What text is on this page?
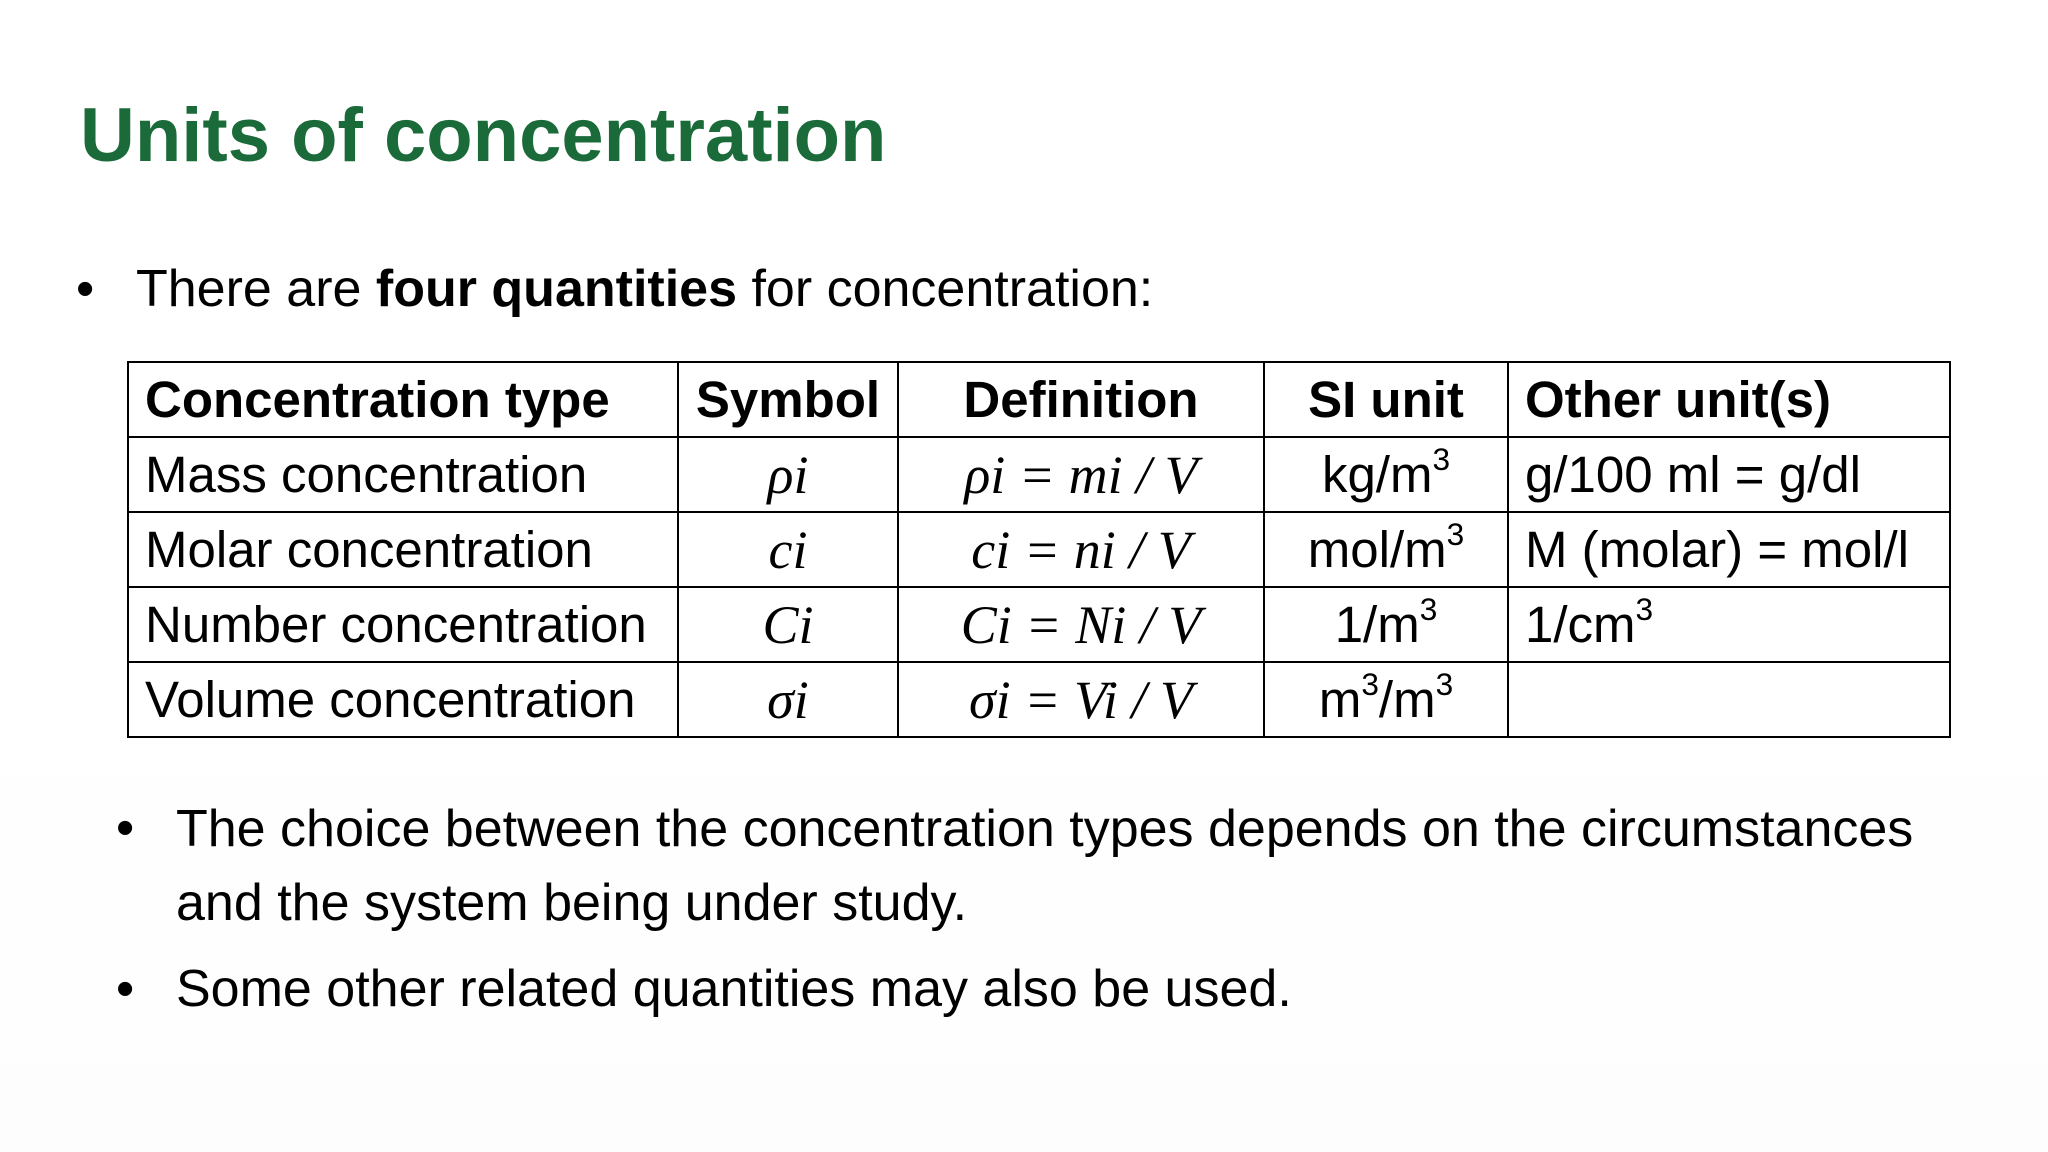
Units of concentration
• There are four quantities for concentration:
Concentration type	Symbol	Definition	SI unit	Other unit(s)
Mass concentration	ρi	ρi = mi / V	$kg/m^3$	g/100 ml = g/dl
Molar concentration	ci	ci = ni / V	mol/$m^3$	M (molar) = mol/l
Number concentration	Ci	Ci = Ni / V	$1/m^3$	$1/cm^3$
Volume concentration	σi	σi = Vi / V	$m^3/m^3$	
• The choice between the concentration types depends on the circumstances and the system being under study.
• Some other related quantities may also be used.
